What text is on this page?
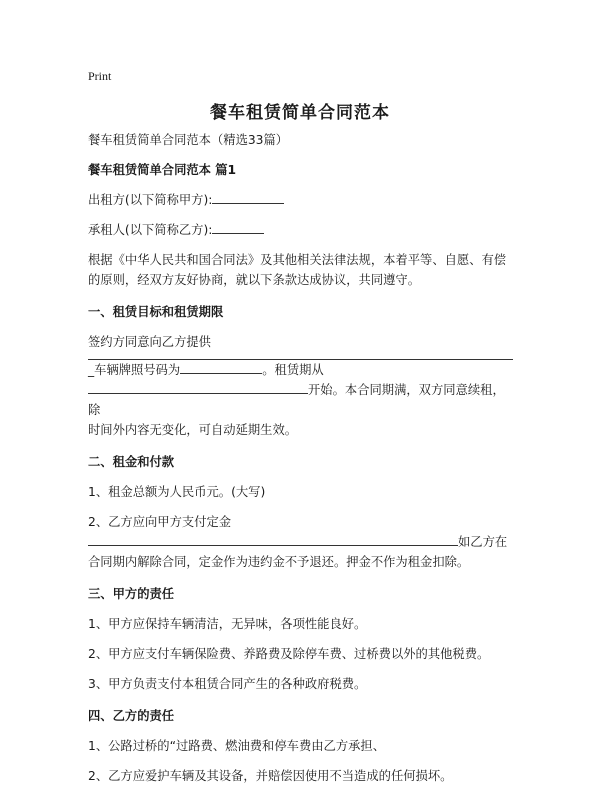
Print
餐车租赁简单合同范本

餐车租赁简单合同范本（精选33篇）

餐车租赁简单合同范本 篇1

出租方(以下简称甲方):

承租人(以下简称乙方):

根据《中华人民共和国合同法》及其他相关法律法规，本着平等、自愿、有偿的原则，经双方友好协商，就以下条款达成协议，共同遵守。

一、租赁目标和租赁期限

签约方同意向乙方提供

_车辆牌照号码为	。租赁期从

开始。本合同期满，双方同意续租，除

时间外内容无变化，可自动延期生效。

二、租金和付款

1、租金总额为人民币元。(大写)

2、乙方应向甲方支付定金

如乙方在

合同期内解除合同，定金作为违约金不予退还。押金不作为租金扣除。

三、甲方的责任

1、甲方应保持车辆清洁，无异味，各项性能良好。

2、甲方应支付车辆保险费、养路费及除停车费、过桥费以外的其他税费。

3、甲方负责支付本租赁合同产生的各种政府税费。

四、乙方的责任

1、公路过桥的“过路费、燃油费和停车费由乙方承担、

2、乙方应爱护车辆及其设备，并赔偿因使用不当造成的任何损坏。
